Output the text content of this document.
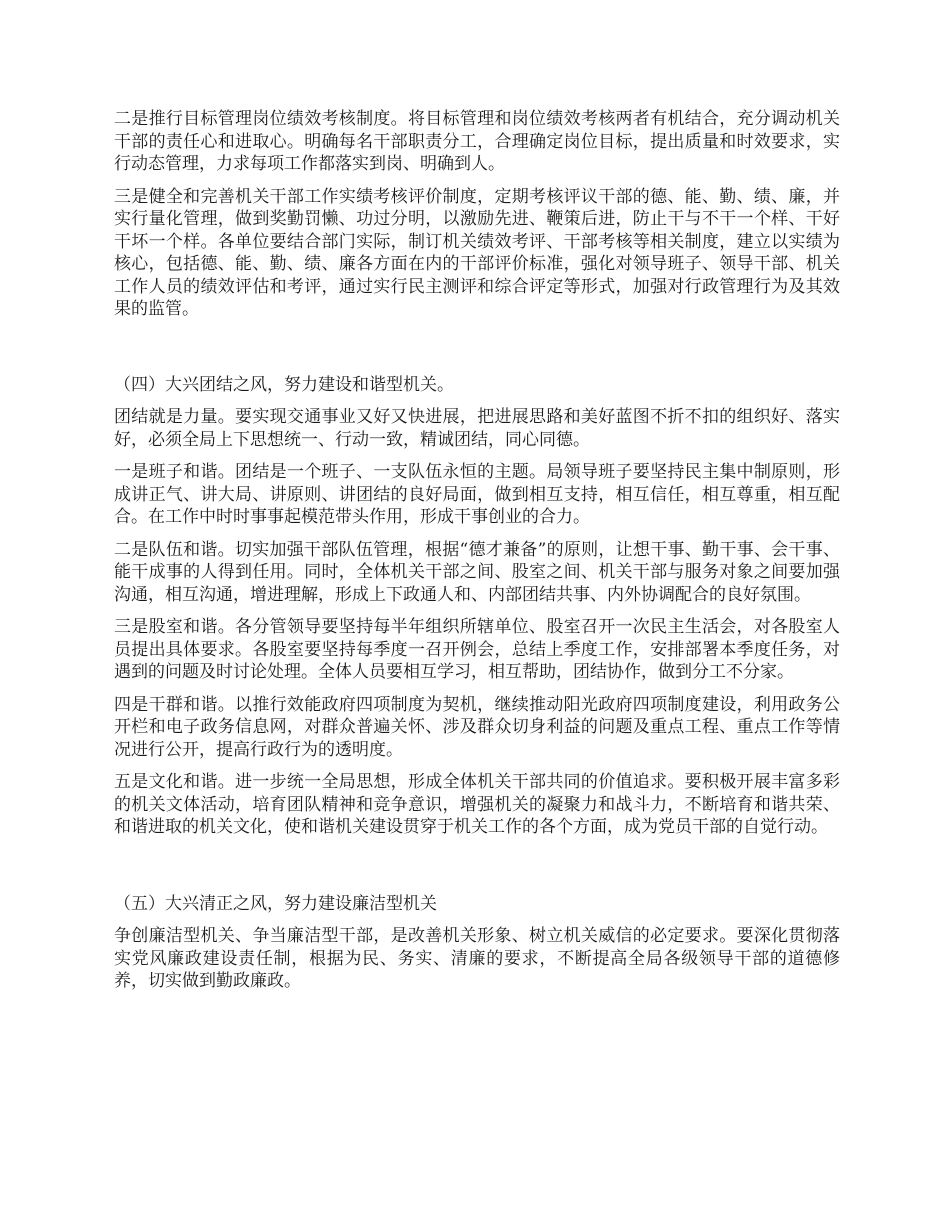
二是推行目标管理岗位绩效考核制度。将目标管理和岗位绩效考核两者有机结合，充分调动机关干部的责任心和进取心。明确每名干部职责分工，合理确定岗位目标，提出质量和时效要求，实行动态管理，力求每项工作都落实到岗、明确到人。

三是健全和完善机关干部工作实绩考核评价制度，定期考核评议干部的德、能、勤、绩、廉，并实行量化管理，做到奖勤罚懒、功过分明，以激励先进、鞭策后进，防止干与不干一个样、干好干坏一个样。各单位要结合部门实际，制订机关绩效考评、干部考核等相关制度，建立以实绩为核心，包括德、能、勤、绩、廉各方面在内的干部评价标准，强化对领导班子、领导干部、机关工作人员的绩效评估和考评，通过实行民主测评和综合评定等形式，加强对行政管理行为及其效果的监管。

（四）大兴团结之风，努力建设和谐型机关。

团结就是力量。要实现交通事业又好又快进展，把进展思路和美好蓝图不折不扣的组织好、落实好，必须全局上下思想统一、行动一致，精诚团结，同心同德。

一是班子和谐。团结是一个班子、一支队伍永恒的主题。局领导班子要坚持民主集中制原则，形成讲正气、讲大局、讲原则、讲团结的良好局面，做到相互支持，相互信任，相互尊重，相互配合。在工作中时时事事起模范带头作用，形成干事创业的合力。

二是队伍和谐。切实加强干部队伍管理，根据“德才兼备”的原则，让想干事、勤干事、会干事、能干成事的人得到任用。同时，全体机关干部之间、股室之间、机关干部与服务对象之间要加强沟通，相互沟通，增进理解，形成上下政通人和、内部团结共事、内外协调配合的良好氛围。

三是股室和谐。各分管领导要坚持每半年组织所辖单位、股室召开一次民主生活会，对各股室人员提出具体要求。各股室要坚持每季度一召开例会，总结上季度工作，安排部署本季度任务，对遇到的问题及时讨论处理。全体人员要相互学习，相互帮助，团结协作，做到分工不分家。

四是干群和谐。以推行效能政府四项制度为契机，继续推动阳光政府四项制度建设，利用政务公开栏和电子政务信息网，对群众普遍关怀、涉及群众切身利益的问题及重点工程、重点工作等情况进行公开，提高行政行为的透明度。

五是文化和谐。进一步统一全局思想，形成全体机关干部共同的价值追求。要积极开展丰富多彩的机关文体活动，培育团队精神和竞争意识，增强机关的凝聚力和战斗力，不断培育和谐共荣、和谐进取的机关文化，使和谐机关建设贯穿于机关工作的各个方面，成为党员干部的自觉行动。

（五）大兴清正之风，努力建设廉洁型机关

争创廉洁型机关、争当廉洁型干部，是改善机关形象、树立机关威信的必定要求。要深化贯彻落实党风廉政建设责任制，根据为民、务实、清廉的要求，不断提高全局各级领导干部的道德修养，切实做到勤政廉政。
